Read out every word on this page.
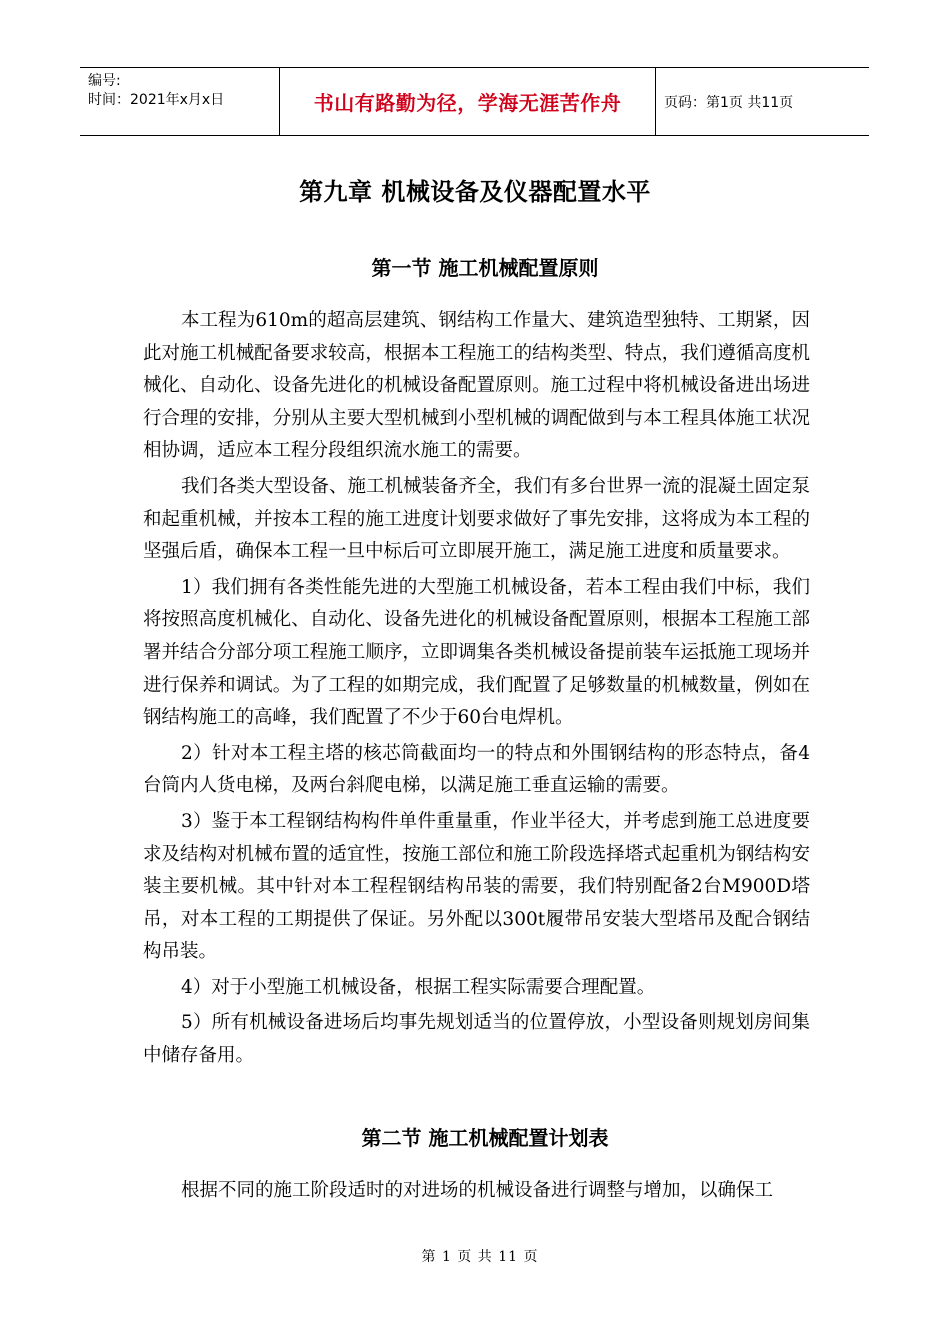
编号:
时间：2021年x月x日	书山有路勤为径，学海无涯苦作舟	页码：第1页 共11页
第九章 机械设备及仪器配置水平
第一节 施工机械配置原则

本工程为610m的超高层建筑、钢结构工作量大、建筑造型独特、工期紧，因此对施工机械配备要求较高，根据本工程施工的结构类型、特点，我们遵循高度机械化、自动化、设备先进化的机械设备配置原则。施工过程中将机械设备进出场进行合理的安排，分别从主要大型机械到小型机械的调配做到与本工程具体施工状况相协调，适应本工程分段组织流水施工的需要。

我们各类大型设备、施工机械装备齐全，我们有多台世界一流的混凝土固定泵和起重机械，并按本工程的施工进度计划要求做好了事先安排，这将成为本工程的坚强后盾，确保本工程一旦中标后可立即展开施工，满足施工进度和质量要求。

1）我们拥有各类性能先进的大型施工机械设备，若本工程由我们中标，我们将按照高度机械化、自动化、设备先进化的机械设备配置原则，根据本工程施工部署并结合分部分项工程施工顺序，立即调集各类机械设备提前装车运抵施工现场并进行保养和调试。为了工程的如期完成，我们配置了足够数量的机械数量，例如在钢结构施工的高峰，我们配置了不少于60台电焊机。

2）针对本工程主塔的核芯筒截面均一的特点和外围钢结构的形态特点，备4台筒内人货电梯，及两台斜爬电梯，以满足施工垂直运输的需要。

3）鉴于本工程钢结构构件单件重量重，作业半径大，并考虑到施工总进度要求及结构对机械布置的适宜性，按施工部位和施工阶段选择塔式起重机为钢结构安装主要机械。其中针对本工程程钢结构吊装的需要，我们特别配备2台M900D塔吊，对本工程的工期提供了保证。另外配以300t履带吊安装大型塔吊及配合钢结构吊装。

4）对于小型施工机械设备，根据工程实际需要合理配置。

5）所有机械设备进场后均事先规划适当的位置停放，小型设备则规划房间集中储存备用。

第二节 施工机械配置计划表

根据不同的施工阶段适时的对进场的机械设备进行调整与增加，以确保工

第 1 页 共 11 页
